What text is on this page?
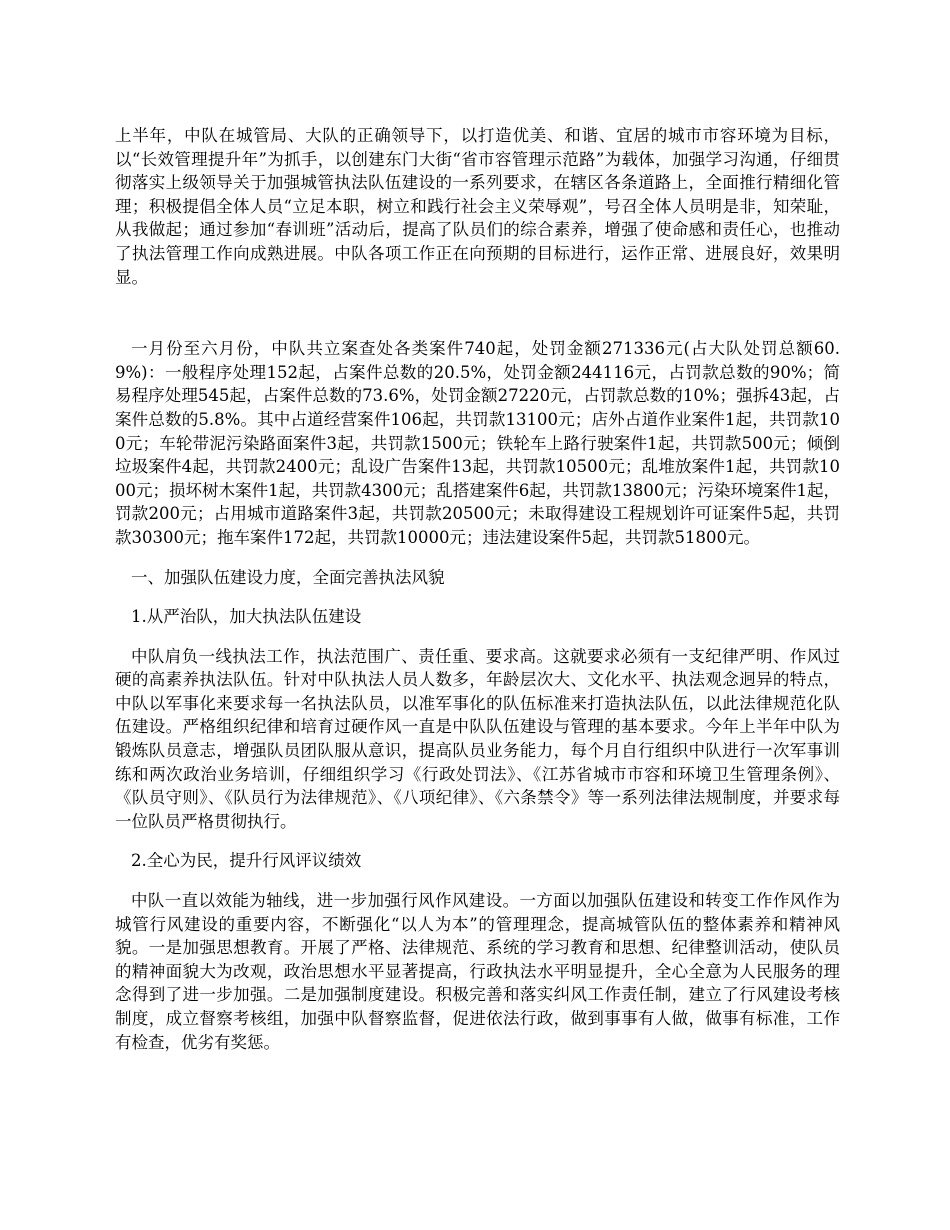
上半年，中队在城管局、大队的正确领导下，以打造优美、和谐、宜居的城市市容环境为目标，以“长效管理提升年”为抓手，以创建东门大街“省市容管理示范路”为载体，加强学习沟通，仔细贯彻落实上级领导关于加强城管执法队伍建设的一系列要求，在辖区各条道路上，全面推行精细化管理；积极提倡全体人员“立足本职，树立和践行社会主义荣辱观”，号召全体人员明是非，知荣耻，从我做起；通过参加“春训班”活动后，提高了队员们的综合素养，增强了使命感和责任心，也推动了执法管理工作向成熟进展。中队各项工作正在向预期的目标进行，运作正常、进展良好，效果明显。

一月份至六月份，中队共立案查处各类案件740起，处罚金额271336元(占大队处罚总额60.9%)：一般程序处理152起，占案件总数的20.5%，处罚金额244116元，占罚款总数的90%；简易程序处理545起，占案件总数的73.6%，处罚金额27220元，占罚款总数的10%；强拆43起，占案件总数的5.8%。其中占道经营案件106起，共罚款13100元；店外占道作业案件1起，共罚款100元；车轮带泥污染路面案件3起，共罚款1500元；铁轮车上路行驶案件1起，共罚款500元；倾倒垃圾案件4起，共罚款2400元；乱设广告案件13起，共罚款10500元；乱堆放案件1起，共罚款1000元；损坏树木案件1起，共罚款4300元；乱搭建案件6起，共罚款13800元；污染环境案件1起，罚款200元；占用城市道路案件3起，共罚款20500元；未取得建设工程规划许可证案件5起，共罚款30300元；拖车案件172起，共罚款10000元；违法建设案件5起，共罚款51800元。

一、加强队伍建设力度，全面完善执法风貌

1.从严治队，加大执法队伍建设

中队肩负一线执法工作，执法范围广、责任重、要求高。这就要求必须有一支纪律严明、作风过硬的高素养执法队伍。针对中队执法人员人数多，年龄层次大、文化水平、执法观念迥异的特点，中队以军事化来要求每一名执法队员，以准军事化的队伍标准来打造执法队伍，以此法律规范化队伍建设。严格组织纪律和培育过硬作风一直是中队队伍建设与管理的基本要求。今年上半年中队为锻炼队员意志，增强队员团队服从意识，提高队员业务能力，每个月自行组织中队进行一次军事训练和两次政治业务培训，仔细组织学习《行政处罚法》、《江苏省城市市容和环境卫生管理条例》、《队员守则》、《队员行为法律规范》、《八项纪律》、《六条禁令》等一系列法律法规制度，并要求每一位队员严格贯彻执行。

2.全心为民，提升行风评议绩效

中队一直以效能为轴线，进一步加强行风作风建设。一方面以加强队伍建设和转变工作作风作为城管行风建设的重要内容，不断强化“以人为本”的管理理念，提高城管队伍的整体素养和精神风貌。一是加强思想教育。开展了严格、法律规范、系统的学习教育和思想、纪律整训活动，使队员的精神面貌大为改观，政治思想水平显著提高，行政执法水平明显提升，全心全意为人民服务的理念得到了进一步加强。二是加强制度建设。积极完善和落实纠风工作责任制，建立了行风建设考核制度，成立督察考核组，加强中队督察监督，促进依法行政，做到事事有人做，做事有标准，工作有检查，优劣有奖惩。
